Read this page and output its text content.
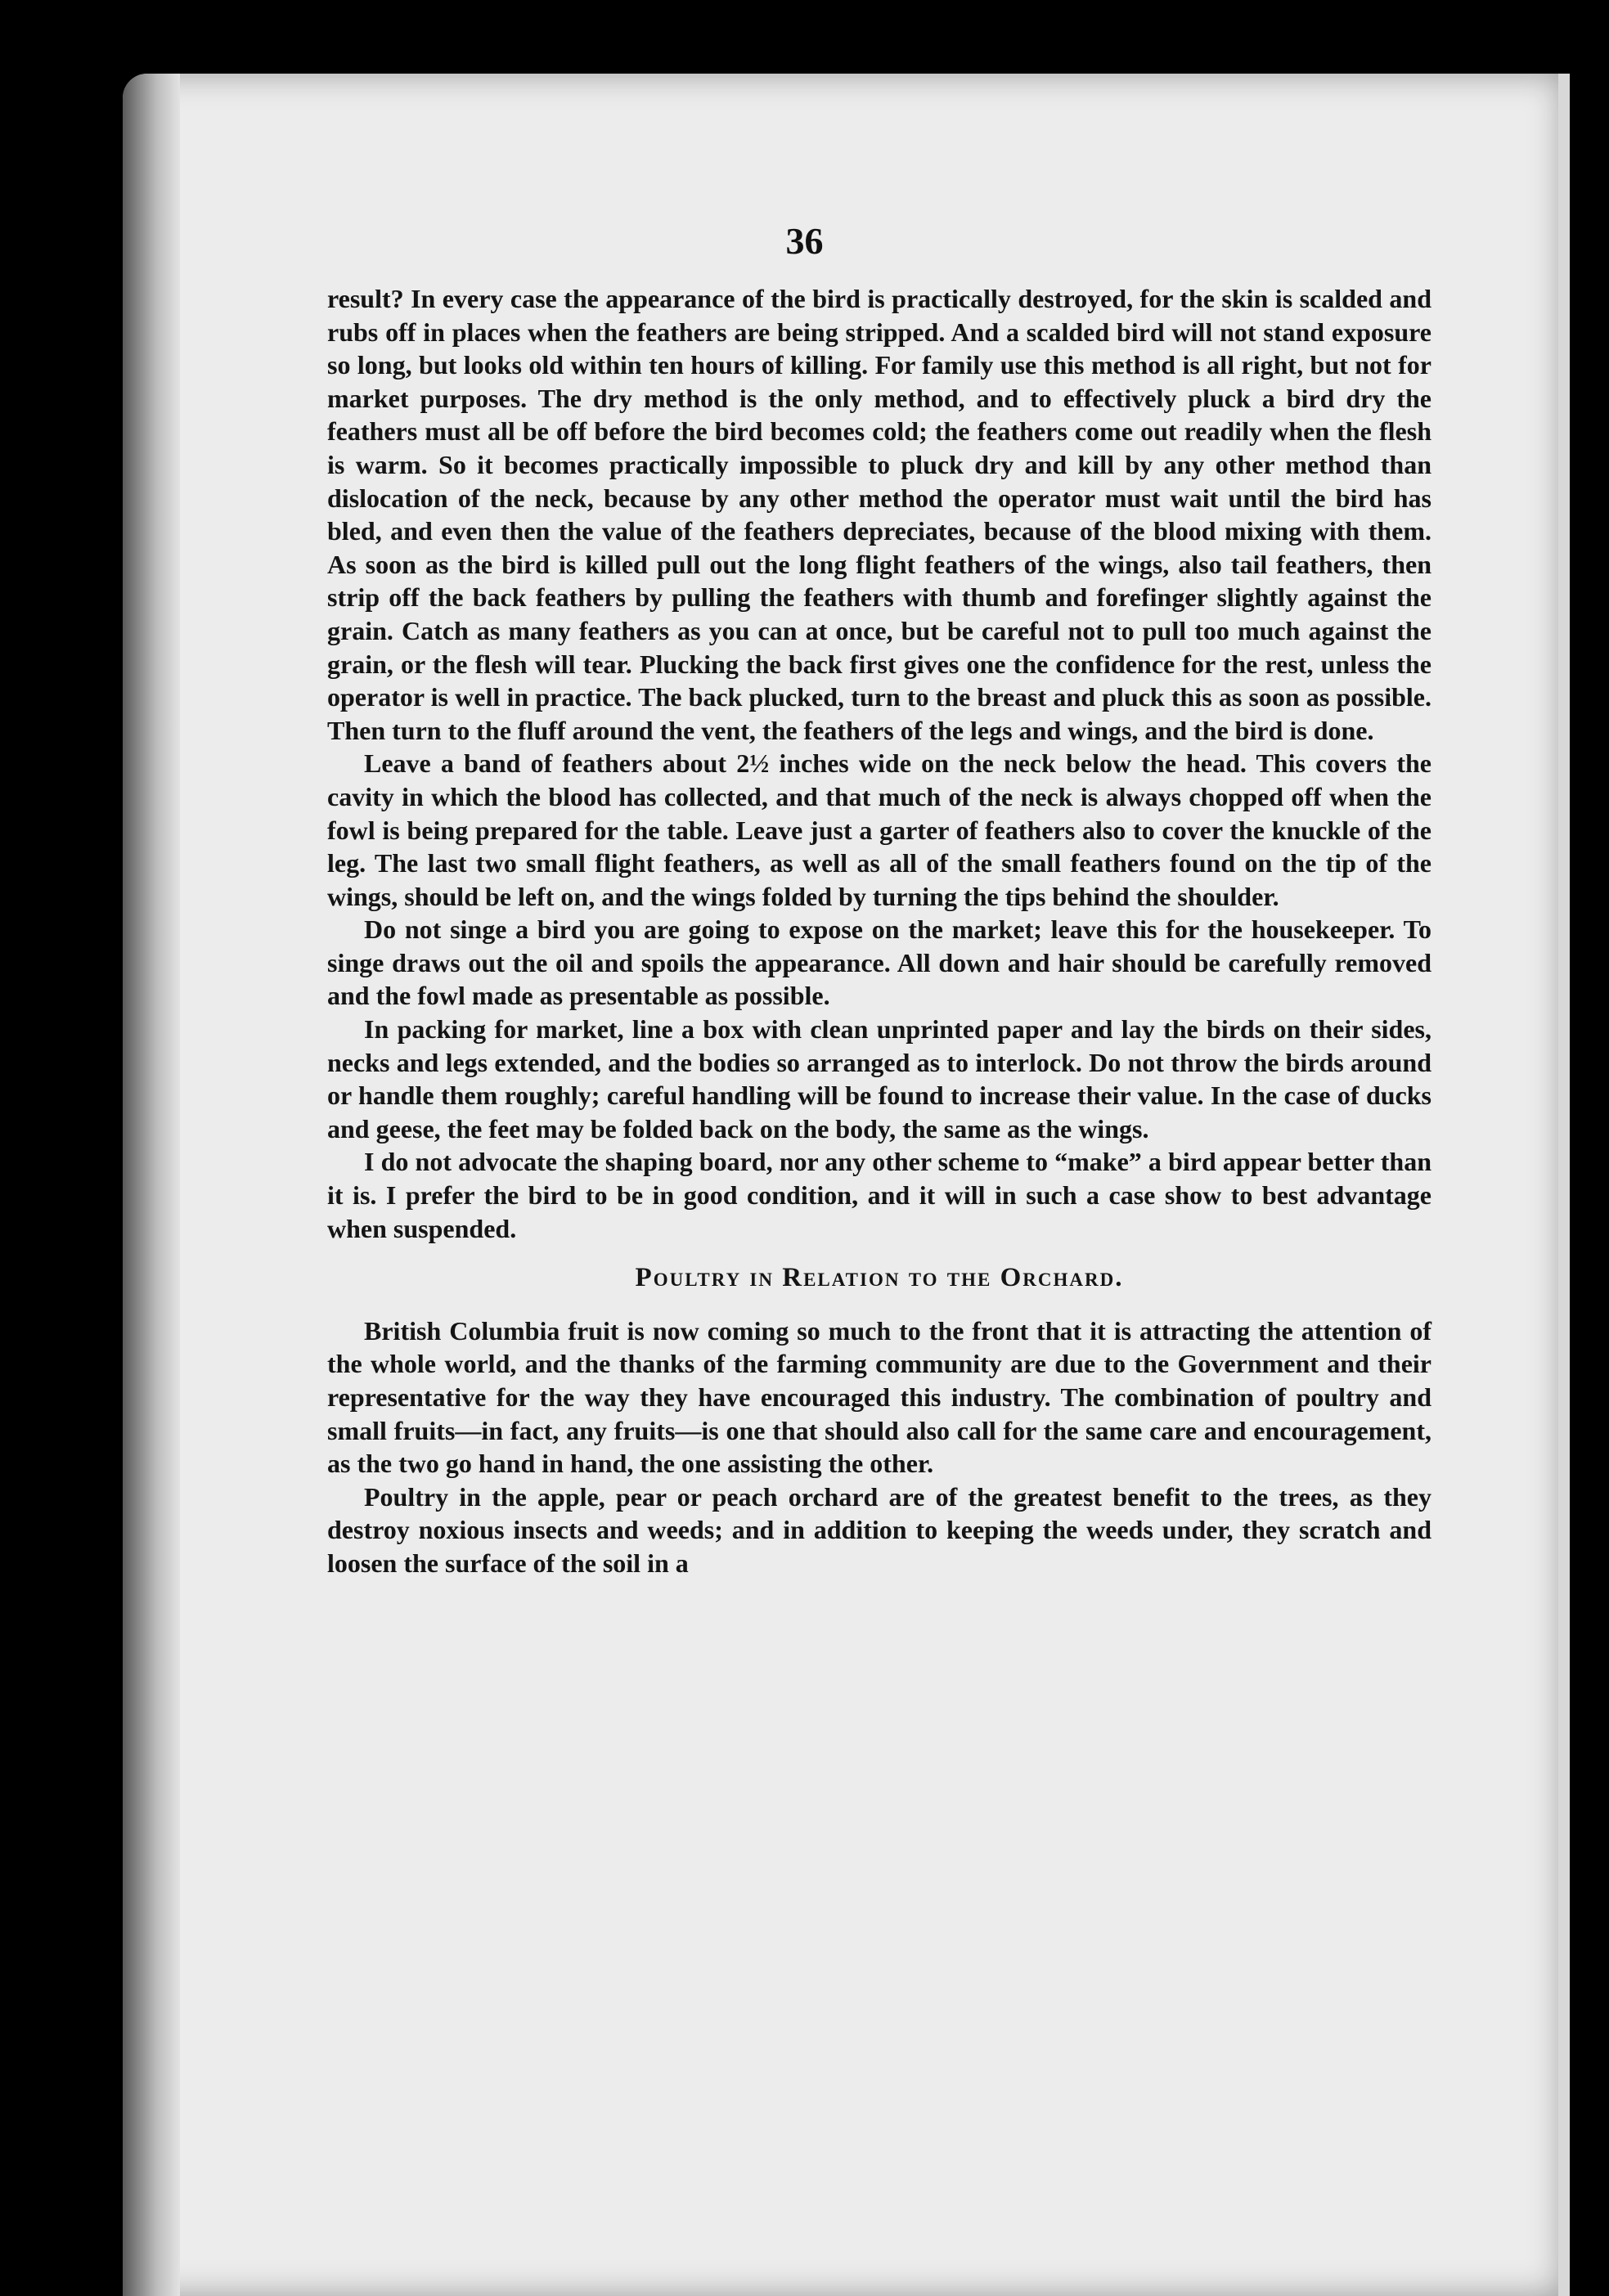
36

result? In every case the appearance of the bird is practically destroyed, for the skin is scalded and rubs off in places when the feathers are being stripped. And a scalded bird will not stand exposure so long, but looks old within ten hours of killing. For family use this method is all right, but not for market purposes. The dry method is the only method, and to effectively pluck a bird dry the feathers must all be off before the bird becomes cold; the feathers come out readily when the flesh is warm. So it becomes practically impossible to pluck dry and kill by any other method than dislocation of the neck, because by any other method the operator must wait until the bird has bled, and even then the value of the feathers depreciates, because of the blood mixing with them. As soon as the bird is killed pull out the long flight feathers of the wings, also tail feathers, then strip off the back feathers by pulling the feathers with thumb and forefinger slightly against the grain. Catch as many feathers as you can at once, but be careful not to pull too much against the grain, or the flesh will tear. Plucking the back first gives one the confidence for the rest, unless the operator is well in practice. The back plucked, turn to the breast and pluck this as soon as possible. Then turn to the fluff around the vent, the feathers of the legs and wings, and the bird is done.

Leave a band of feathers about 2½ inches wide on the neck below the head. This covers the cavity in which the blood has collected, and that much of the neck is always chopped off when the fowl is being prepared for the table. Leave just a garter of feathers also to cover the knuckle of the leg. The last two small flight feathers, as well as all of the small feathers found on the tip of the wings, should be left on, and the wings folded by turning the tips behind the shoulder.

Do not singe a bird you are going to expose on the market; leave this for the housekeeper. To singe draws out the oil and spoils the appearance. All down and hair should be carefully removed and the fowl made as presentable as possible.

In packing for market, line a box with clean unprinted paper and lay the birds on their sides, necks and legs extended, and the bodies so arranged as to interlock. Do not throw the birds around or handle them roughly; careful handling will be found to increase their value. In the case of ducks and geese, the feet may be folded back on the body, the same as the wings.

I do not advocate the shaping board, nor any other scheme to “make” a bird appear better than it is. I prefer the bird to be in good condition, and it will in such a case show to best advantage when suspended.

Poultry in Relation to the Orchard.

British Columbia fruit is now coming so much to the front that it is attracting the attention of the whole world, and the thanks of the farming community are due to the Government and their representative for the way they have encouraged this industry. The combination of poultry and small fruits—in fact, any fruits—is one that should also call for the same care and encouragement, as the two go hand in hand, the one assisting the other.

Poultry in the apple, pear or peach orchard are of the greatest benefit to the trees, as they destroy noxious insects and weeds; and in addition to keeping the weeds under, they scratch and loosen the surface of the soil in a
